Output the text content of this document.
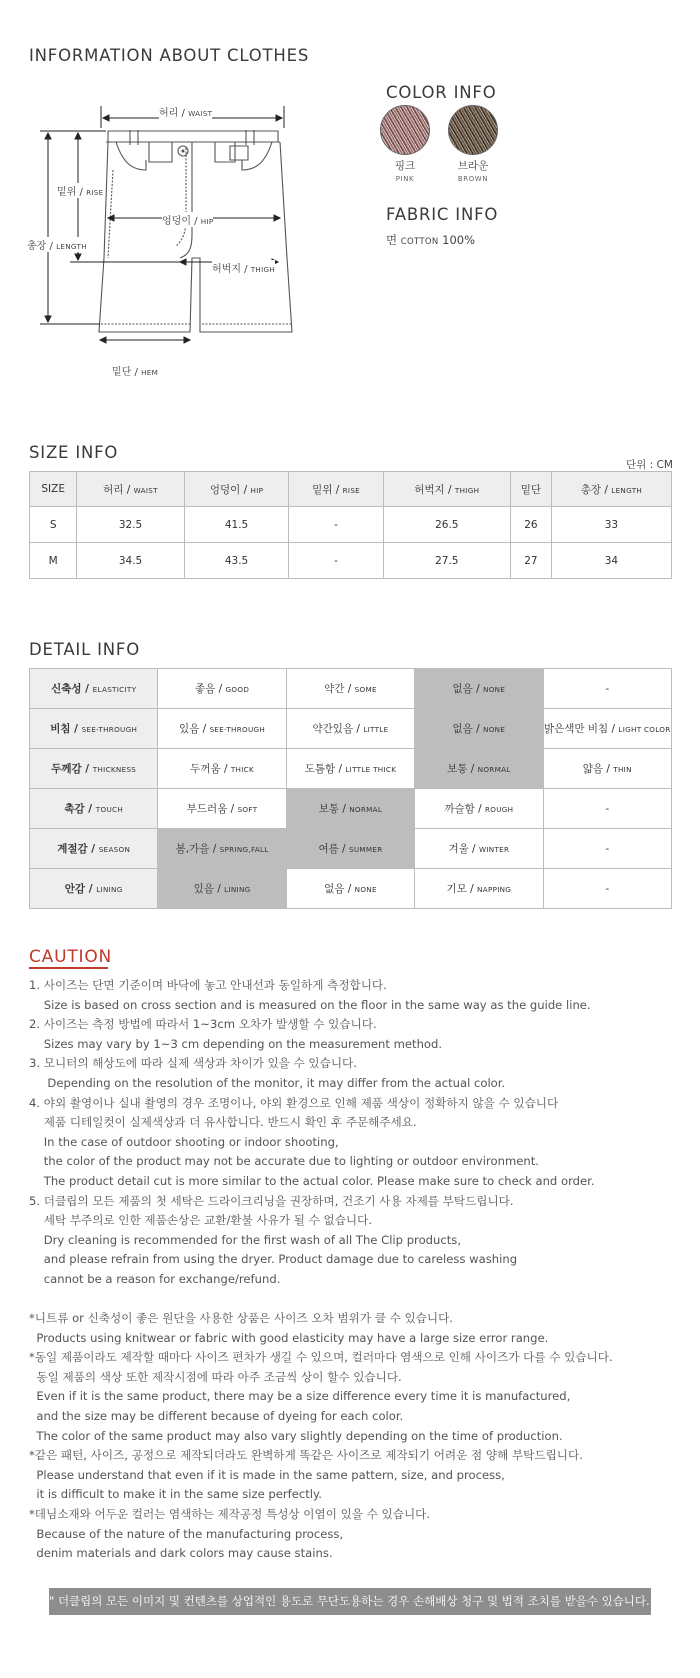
INFORMATION ABOUT CLOTHES
허리 / WAIST
밑위 / RISE
엉덩이 / HIP
총장 / LENGTH
허벅지 / THIGH
밑단 / HEM
COLOR INFO
핑크
PINK
브라운
BROWN
FABRIC INFO
면 COTTON 100%
SIZE INFO
단위 : CM
SIZE	허리 / WAIST	엉덩이 / HIP	밑위 / RISE	허벅지 / THIGH	밑단	총장 / LENGTH
S	32.5	41.5	-	26.5	26	33
M	34.5	43.5	-	27.5	27	34
DETAIL INFO
신축성 / ELASTICITY	좋음 / GOOD	약간 / SOME	없음 / NONE	-
비침 / SEE-THROUGH	있음 / SEE-THROUGH	약간있음 / LITTLE	없음 / NONE	밝은색만 비침 / LIGHT COLOR
두께감 / THICKNESS	두꺼움 / THICK	도톰함 / LITTLE THICK	보통 / NORMAL	얇음 / THIN
촉감 / TOUCH	부드러움 / SOFT	보통 / NORMAL	까슬함 / ROUGH	-
계절감 / SEASON	봄,가을 / SPRING,FALL	여름 / SUMMER	겨울 / WINTER	-
안감 / LINING	있음 / LINING	없음 / NONE	기모 / NAPPING	-
CAUTION
1. 사이즈는 단면 기준이며 바닥에 놓고 안내선과 동일하게 측정합니다.
Size is based on cross section and is measured on the floor in the same way as the guide line.
2. 사이즈는 측정 방법에 따라서 1~3cm 오차가 발생할 수 있습니다.
Sizes may vary by 1~3 cm depending on the measurement method.
3. 모니터의 해상도에 따라 실제 색상과 차이가 있을 수 있습니다.
Depending on the resolution of the monitor, it may differ from the actual color.
4. 야외 촬영이나 실내 촬영의 경우 조명이나, 야외 환경으로 인해 제품 색상이 정확하지 않을 수 있습니다
제품 디테일컷이 실제색상과 더 유사합니다. 반드시 확인 후 주문해주세요.
In the case of outdoor shooting or indoor shooting,
the color of the product may not be accurate due to lighting or outdoor environment.
The product detail cut is more similar to the actual color. Please make sure to check and order.
5. 더클립의 모든 제품의 첫 세탁은 드라이크리닝을 권장하며, 건조기 사용 자제를 부탁드립니다.
세탁 부주의로 인한 제품손상은 교환/환불 사유가 될 수 없습니다.
Dry cleaning is recommended for the first wash of all The Clip products,
and please refrain from using the dryer. Product damage due to careless washing
cannot be a reason for exchange/refund.
*니트류 or 신축성이 좋은 원단을 사용한 상품은 사이즈 오차 범위가 클 수 있습니다.
Products using knitwear or fabric with good elasticity may have a large size error range.
*동일 제품이라도 제작할 때마다 사이즈 편차가 생길 수 있으며, 컬러마다 염색으로 인해 사이즈가 다를 수 있습니다.
동일 제품의 색상 또한 제작시점에 따라 아주 조금씩 상이 할수 있습니다.
Even if it is the same product, there may be a size difference every time it is manufactured,
and the size may be different because of dyeing for each color.
The color of the same product may also vary slightly depending on the time of production.
*같은 패턴, 사이즈, 공정으로 제작되더라도 완벽하게 똑같은 사이즈로 제작되기 어려운 점 양해 부탁드립니다.
Please understand that even if it is made in the same pattern, size, and process,
it is difficult to make it in the same size perfectly.
*데님소재와 어두운 컬러는 염색하는 제작공정 특성상 이염이 있을 수 있습니다.
Because of the nature of the manufacturing process,
denim materials and dark colors may cause stains.
" 더클립의 모든 이미지 및 컨텐츠를 상업적인 용도로 무단도용하는 경우 손해배상 청구 및 법적 조치를 받을수 있습니다. "
